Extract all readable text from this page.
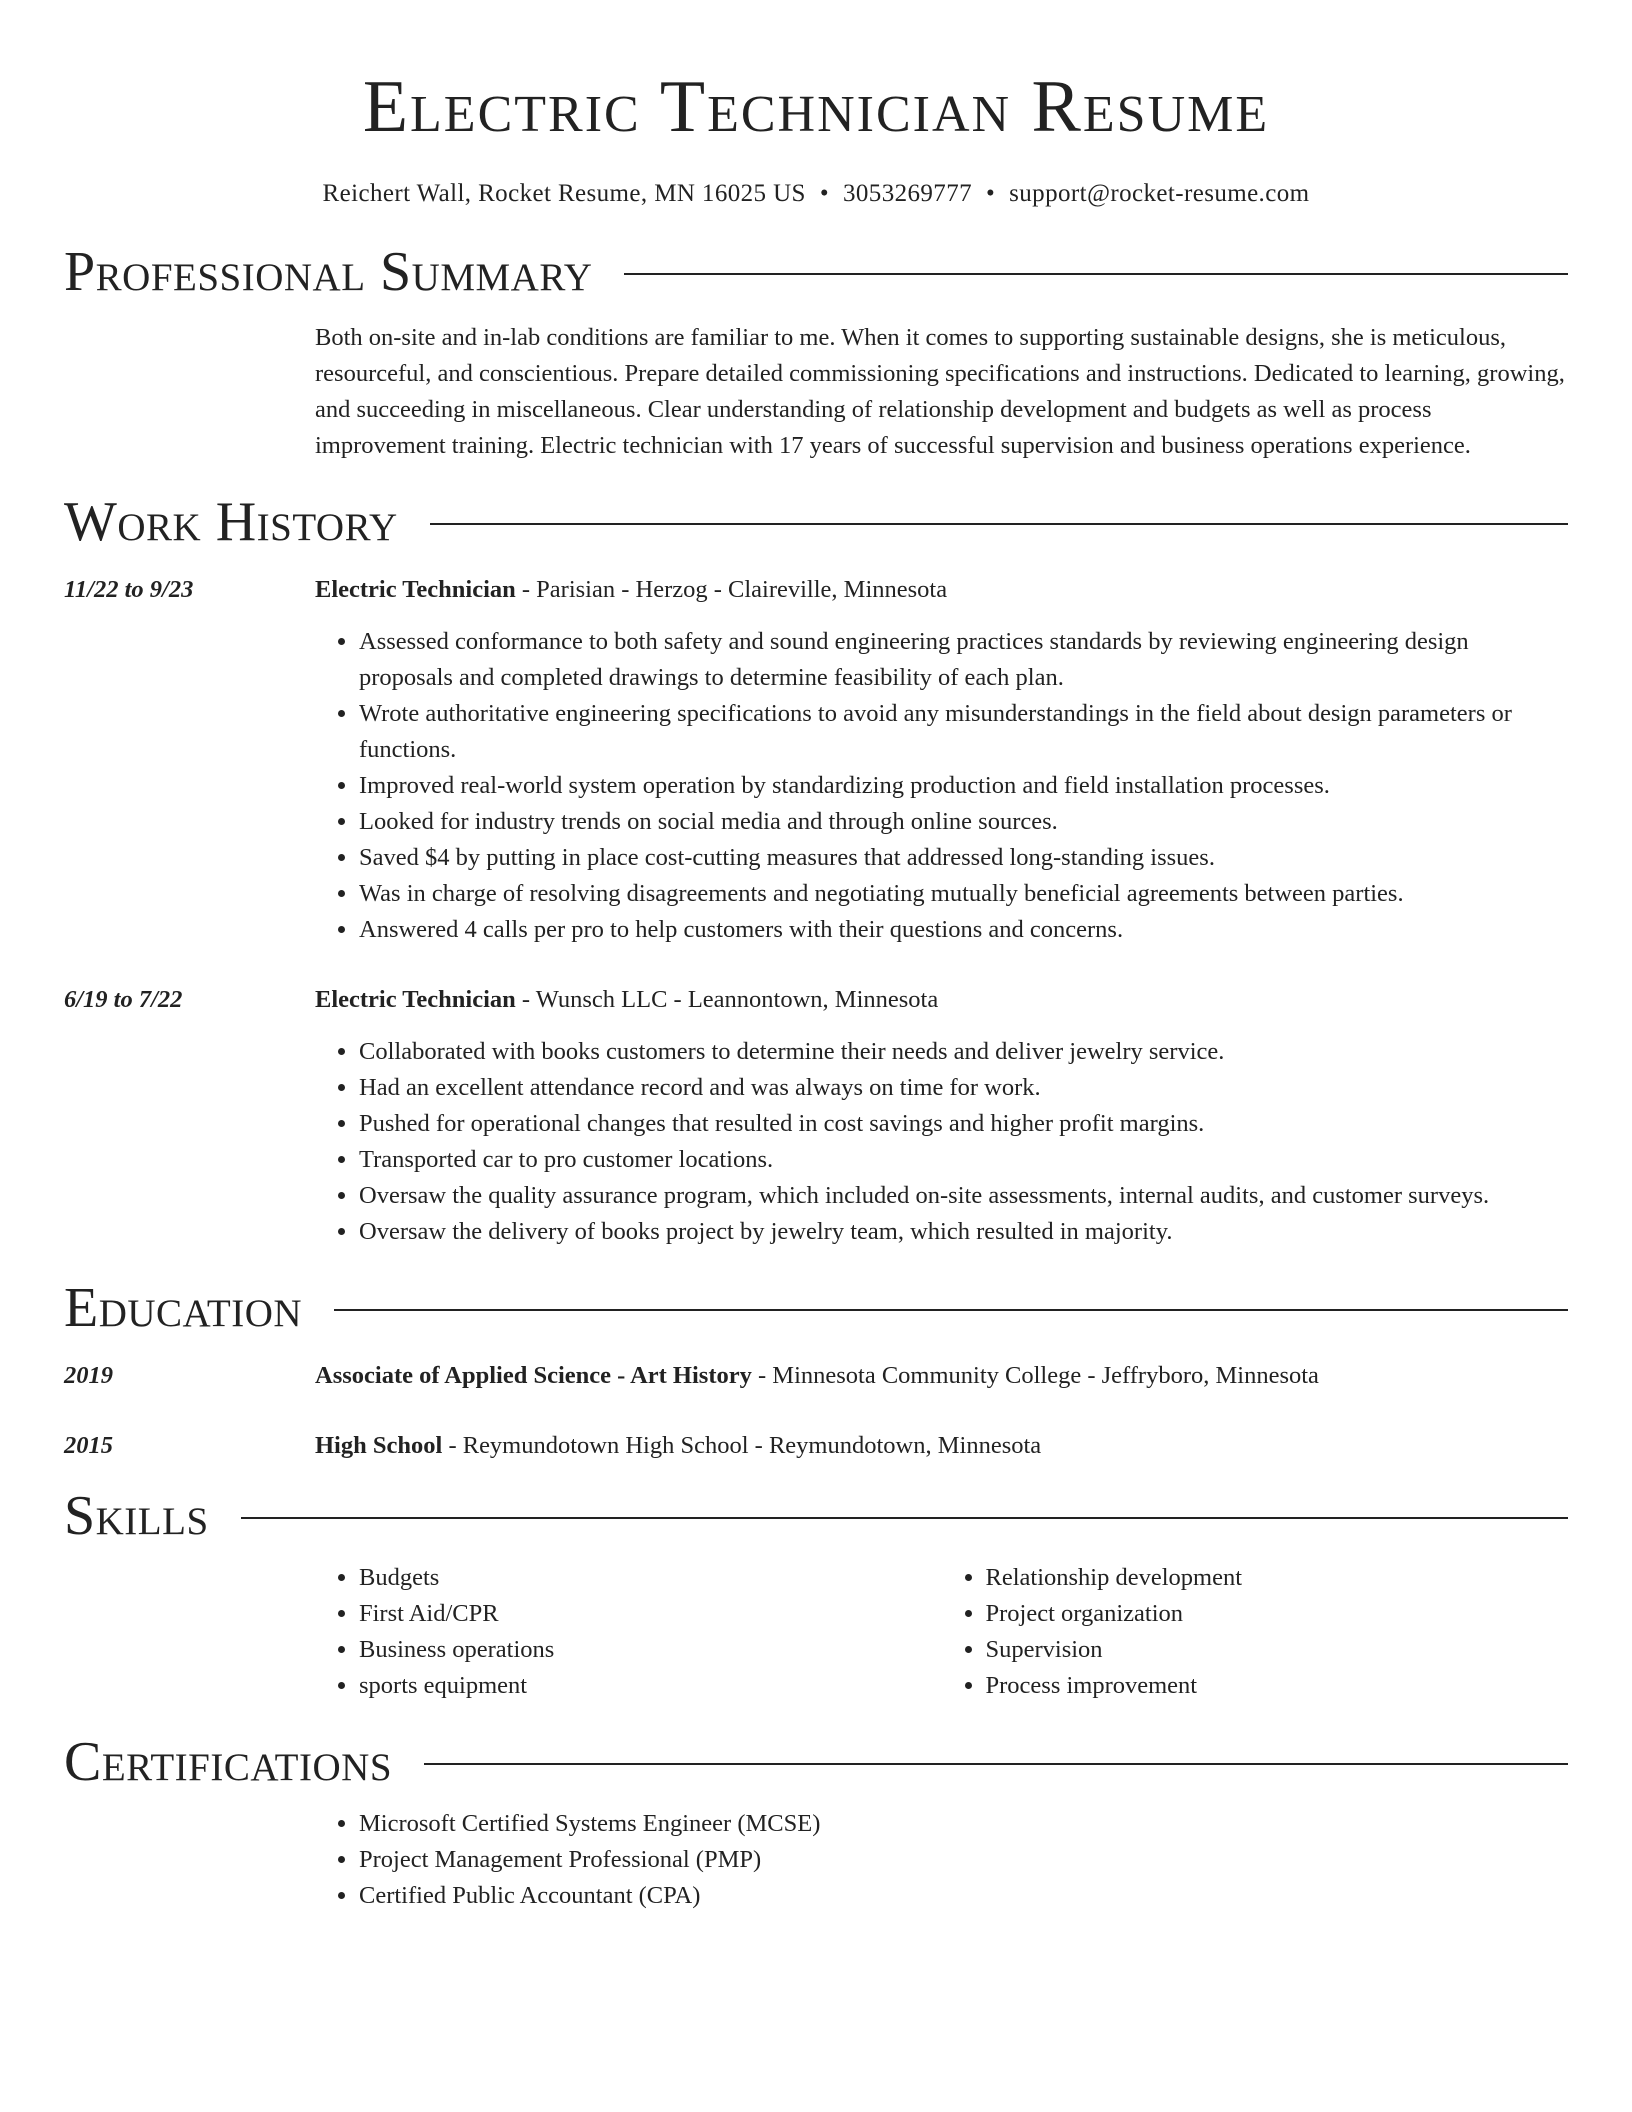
Electric Technician Resume
Reichert Wall, Rocket Resume, MN 16025 US • 3053269777 • support@rocket-resume.com
Professional Summary
Both on-site and in-lab conditions are familiar to me. When it comes to supporting sustainable designs, she is meticulous, resourceful, and conscientious. Prepare detailed commissioning specifications and instructions. Dedicated to learning, growing, and succeeding in miscellaneous. Clear understanding of relationship development and budgets as well as process improvement training. Electric technician with 17 years of successful supervision and business operations experience.
Work History
11/22 to 9/23	Electric Technician - Parisian - Herzog - Claireville, Minnesota
• Assessed conformance to both safety and sound engineering practices standards by reviewing engineering design proposals and completed drawings to determine feasibility of each plan.
• Wrote authoritative engineering specifications to avoid any misunderstandings in the field about design parameters or functions.
• Improved real-world system operation by standardizing production and field installation processes.
• Looked for industry trends on social media and through online sources.
• Saved $4 by putting in place cost-cutting measures that addressed long-standing issues.
• Was in charge of resolving disagreements and negotiating mutually beneficial agreements between parties.
• Answered 4 calls per pro to help customers with their questions and concerns.
6/19 to 7/22	Electric Technician - Wunsch LLC - Leannontown, Minnesota
• Collaborated with books customers to determine their needs and deliver jewelry service.
• Had an excellent attendance record and was always on time for work.
• Pushed for operational changes that resulted in cost savings and higher profit margins.
• Transported car to pro customer locations.
• Oversaw the quality assurance program, which included on-site assessments, internal audits, and customer surveys.
• Oversaw the delivery of books project by jewelry team, which resulted in majority.
Education
2019	Associate of Applied Science - Art History - Minnesota Community College - Jeffryboro, Minnesota
2015	High School - Reymundotown High School - Reymundotown, Minnesota
Skills
• Budgets
• First Aid/CPR
• Business operations
• sports equipment
• Relationship development
• Project organization
• Supervision
• Process improvement
Certifications
• Microsoft Certified Systems Engineer (MCSE)
• Project Management Professional (PMP)
• Certified Public Accountant (CPA)
